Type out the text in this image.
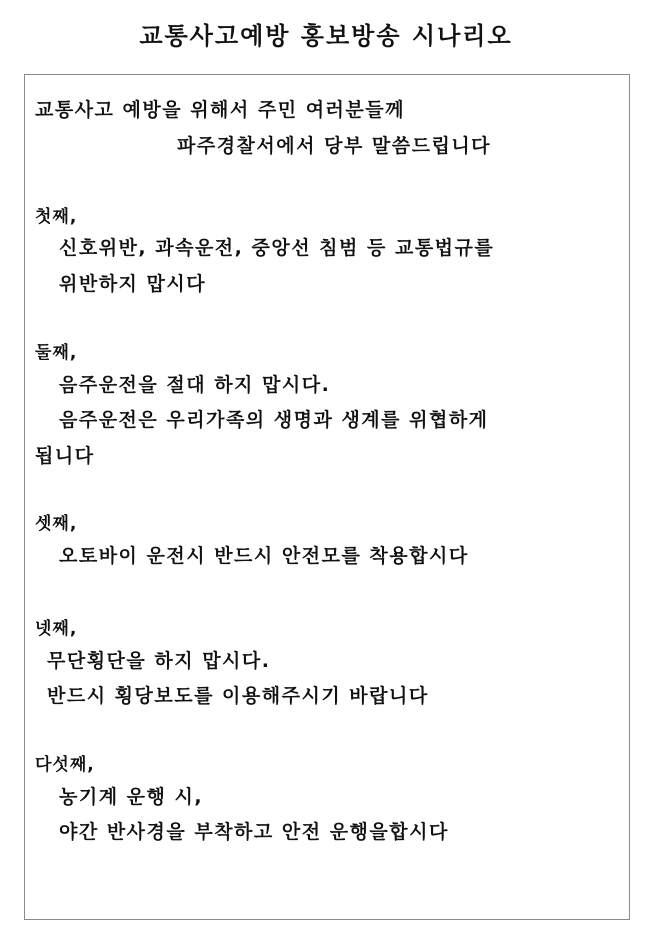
교통사고예방 홍보방송 시나리오
교통사고 예방을 위해서 주민 여러분들께
파주경찰서에서 당부 말씀드립니다
첫째,
신호위반, 과속운전, 중앙선 침범 등 교통법규를
위반하지 맙시다
둘째,
음주운전을 절대 하지 맙시다.
음주운전은 우리가족의 생명과 생계를 위협하게
됩니다
셋째,
오토바이 운전시 반드시 안전모를 착용합시다
넷째,
무단횡단을 하지 맙시다.
반드시 횡당보도를 이용해주시기 바랍니다
다섯째,
농기계 운행 시,
야간 반사경을 부착하고 안전 운행을합시다
